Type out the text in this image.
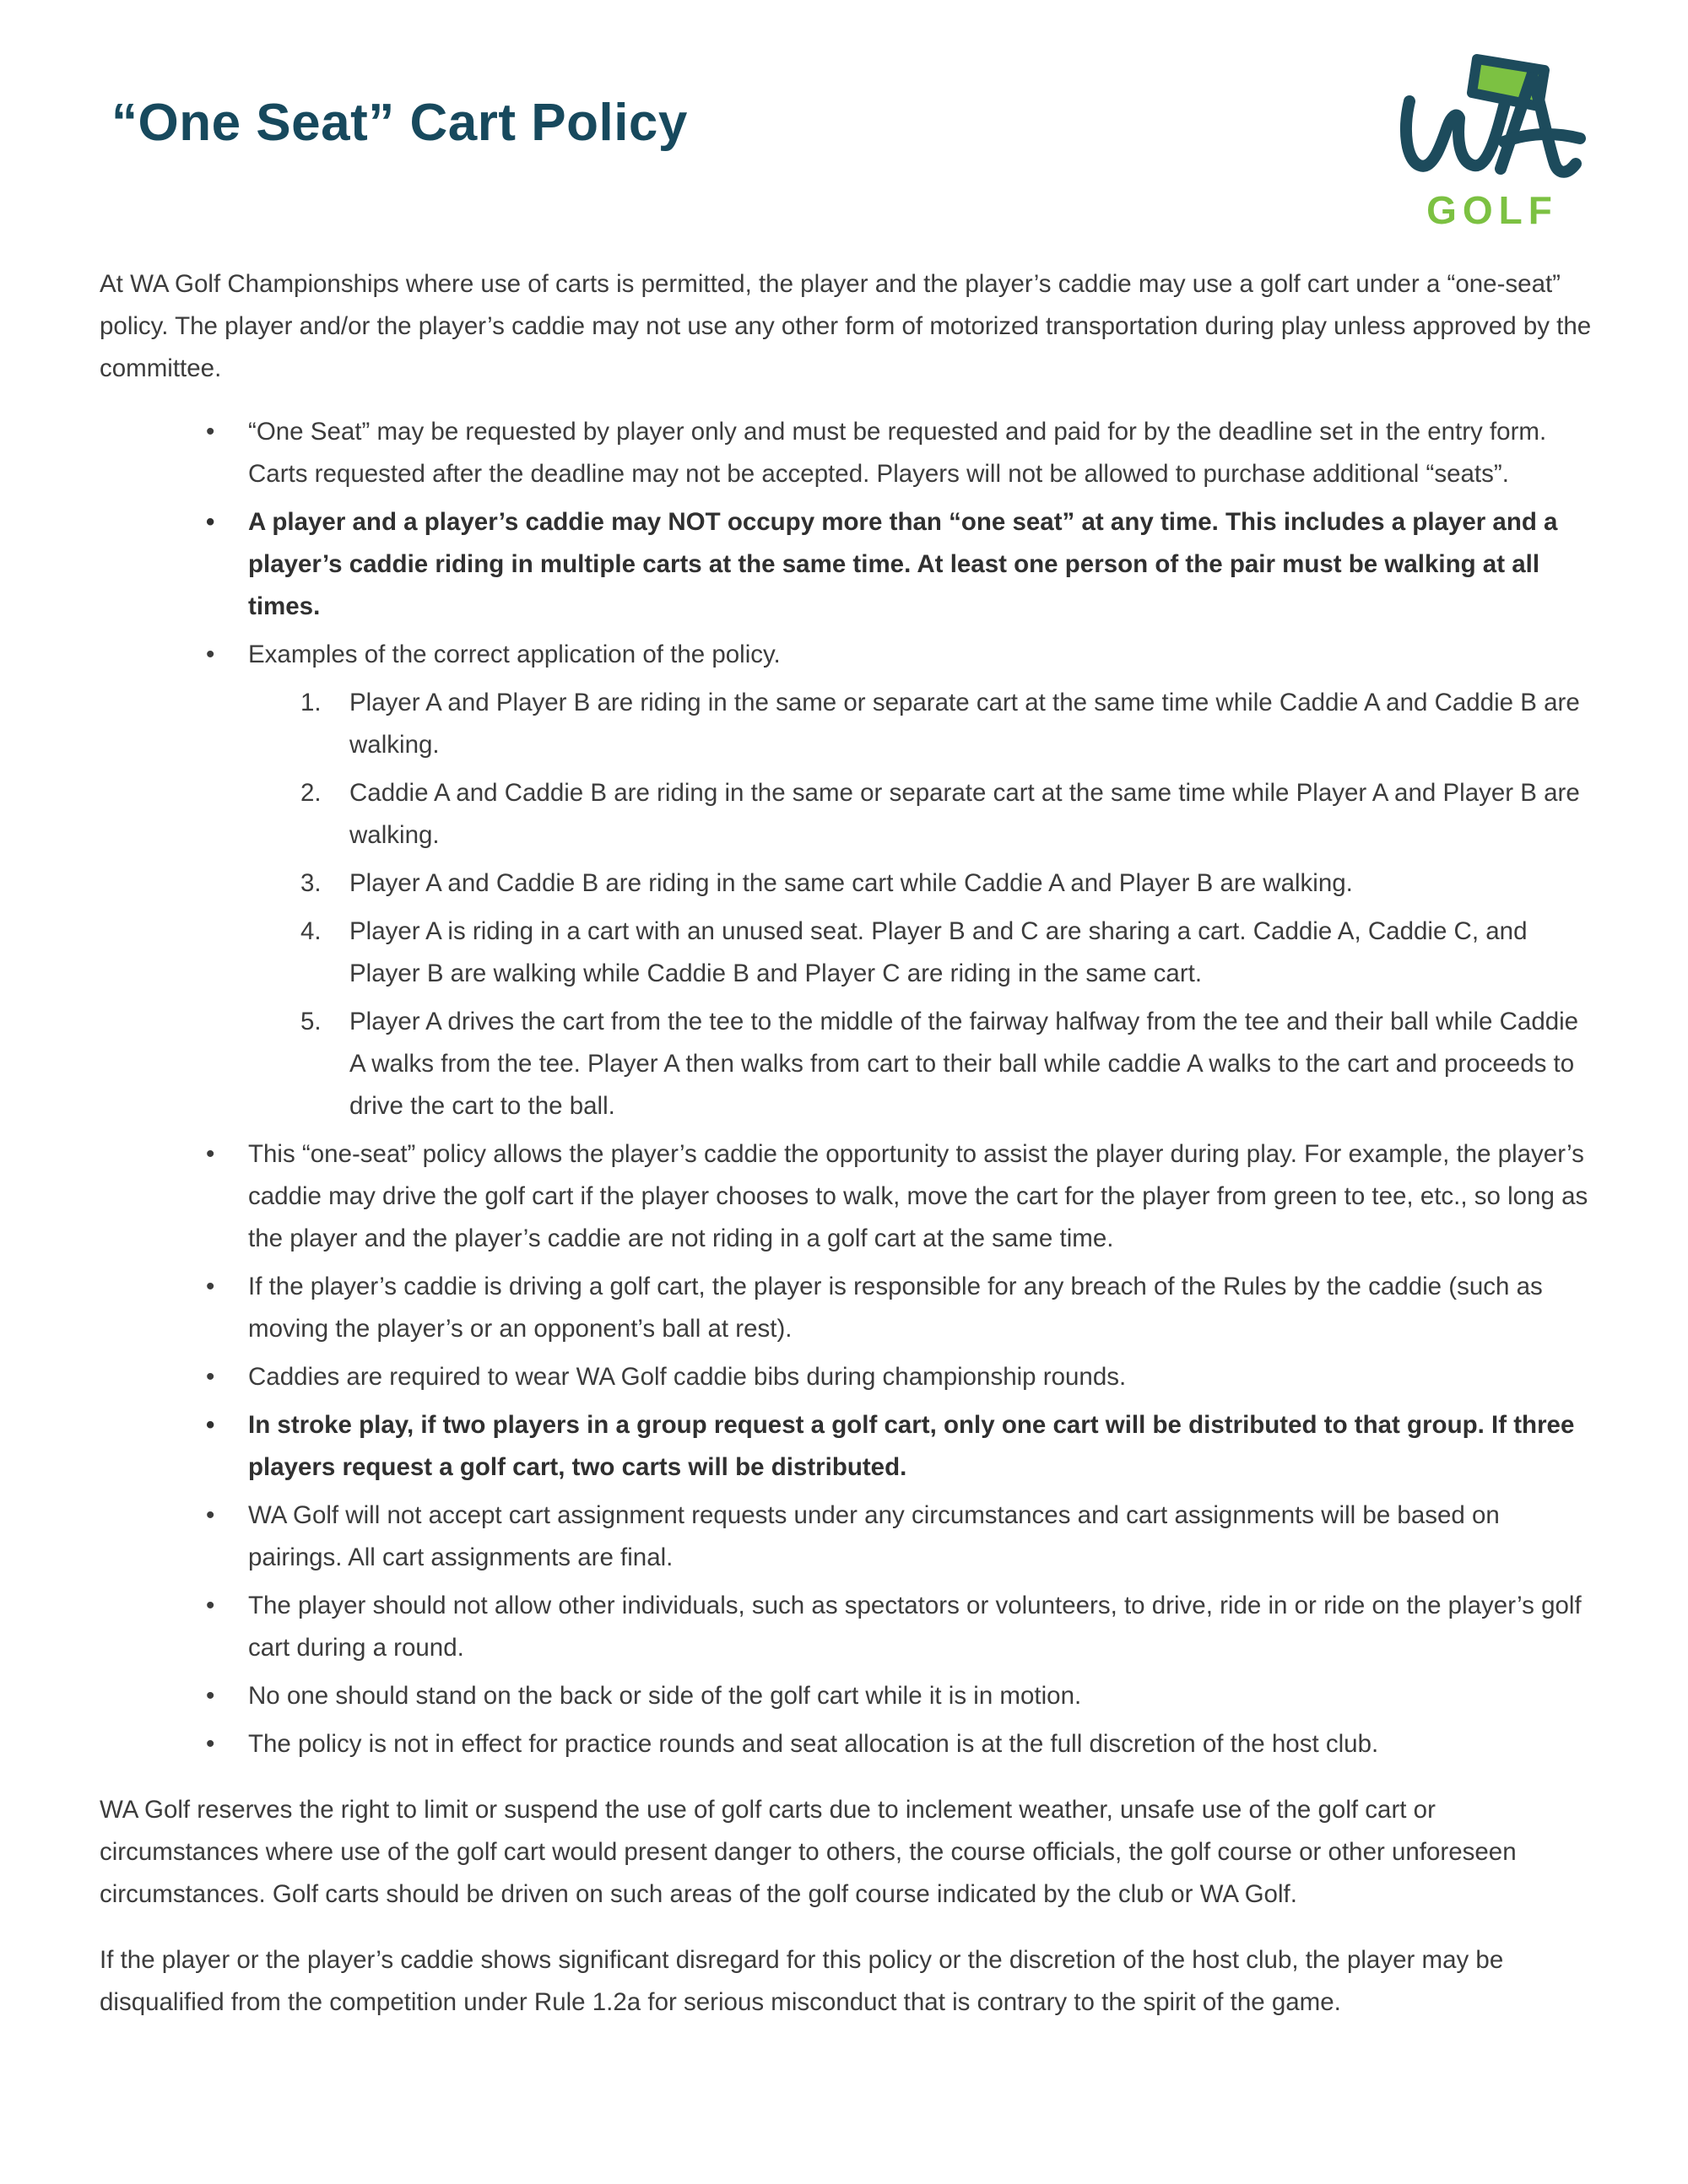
“One Seat” Cart Policy
GOLF

At WA Golf Championships where use of carts is permitted, the player and the player’s caddie may use a golf cart under a “one-seat” policy. The player and/or the player’s caddie may not use any other form of motorized transportation during play unless approved by the committee.

• “One Seat” may be requested by player only and must be requested and paid for by the deadline set in the entry form. Carts requested after the deadline may not be accepted. Players will not be allowed to purchase additional “seats”.
• A player and a player’s caddie may NOT occupy more than “one seat” at any time. This includes a player and a player’s caddie riding in multiple carts at the same time. At least one person of the pair must be walking at all times.
• Examples of the correct application of the policy.
Player A and Player B are riding in the same or separate cart at the same time while Caddie A and Caddie B are walking.
Caddie A and Caddie B are riding in the same or separate cart at the same time while Player A and Player B are walking.
Player A and Caddie B are riding in the same cart while Caddie A and Player B are walking.
Player A is riding in a cart with an unused seat. Player B and C are sharing a cart. Caddie A, Caddie C, and Player B are walking while Caddie B and Player C are riding in the same cart.
Player A drives the cart from the tee to the middle of the fairway halfway from the tee and their ball while Caddie A walks from the tee. Player A then walks from cart to their ball while caddie A walks to the cart and proceeds to drive the cart to the ball.
• This “one-seat” policy allows the player’s caddie the opportunity to assist the player during play. For example, the player’s caddie may drive the golf cart if the player chooses to walk, move the cart for the player from green to tee, etc., so long as the player and the player’s caddie are not riding in a golf cart at the same time.
• If the player’s caddie is driving a golf cart, the player is responsible for any breach of the Rules by the caddie (such as moving the player’s or an opponent’s ball at rest).
• Caddies are required to wear WA Golf caddie bibs during championship rounds.
• In stroke play, if two players in a group request a golf cart, only one cart will be distributed to that group. If three players request a golf cart, two carts will be distributed.
• WA Golf will not accept cart assignment requests under any circumstances and cart assignments will be based on pairings. All cart assignments are final.
• The player should not allow other individuals, such as spectators or volunteers, to drive, ride in or ride on the player’s golf cart during a round.
• No one should stand on the back or side of the golf cart while it is in motion.
• The policy is not in effect for practice rounds and seat allocation is at the full discretion of the host club.

WA Golf reserves the right to limit or suspend the use of golf carts due to inclement weather, unsafe use of the golf cart or circumstances where use of the golf cart would present danger to others, the course officials, the golf course or other unforeseen circumstances. Golf carts should be driven on such areas of the golf course indicated by the club or WA Golf.

If the player or the player’s caddie shows significant disregard for this policy or the discretion of the host club, the player may be disqualified from the competition under Rule 1.2a for serious misconduct that is contrary to the spirit of the game.
